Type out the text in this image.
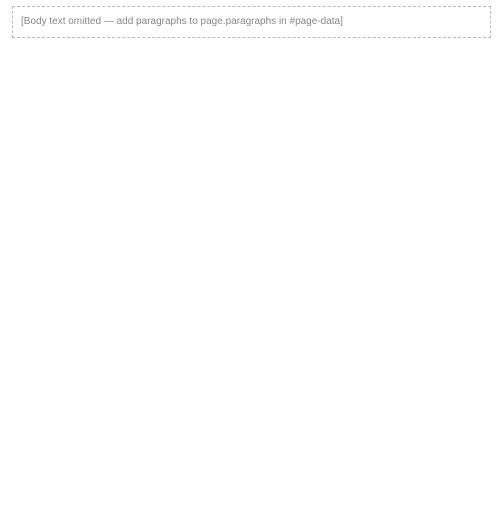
[Body text omitted — add paragraphs to page.paragraphs in #page-data]
